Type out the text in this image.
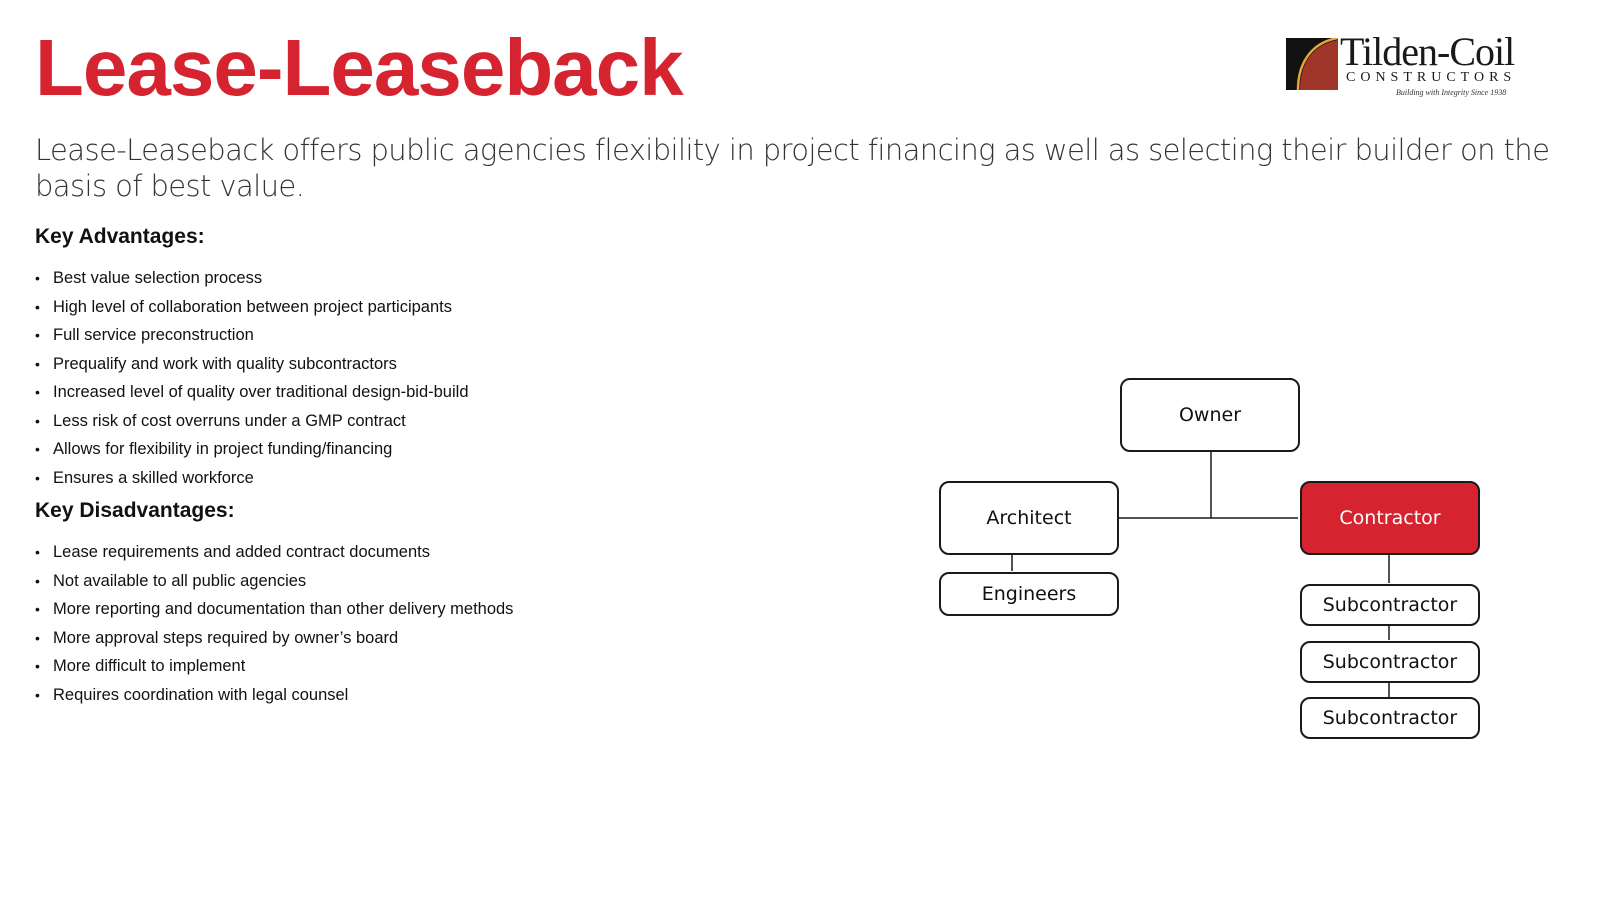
Lease-Leaseback	Tilden-Coil
CONSTRUCTORS
Building with Integrity Since 1938

Lease-Leaseback offers public agencies flexibility in project financing as well as selecting their builder on the basis of best value.

Key Advantages:
• Best value selection process
• High level of collaboration between project participants
• Full service preconstruction
• Prequalify and work with quality subcontractors
• Increased level of quality over traditional design-bid-build
• Less risk of cost overruns under a GMP contract
• Allows for flexibility in project funding/financing
• Ensures a skilled workforce
Key Disadvantages:
• Lease requirements and added contract documents
• Not available to all public agencies
• More reporting and documentation than other delivery methods
• More approval steps required by owner’s board
• More difficult to implement
• Requires coordination with legal counsel
Owner
Architect	Contractor
Engineers	Subcontractor
Subcontractor
Subcontractor
